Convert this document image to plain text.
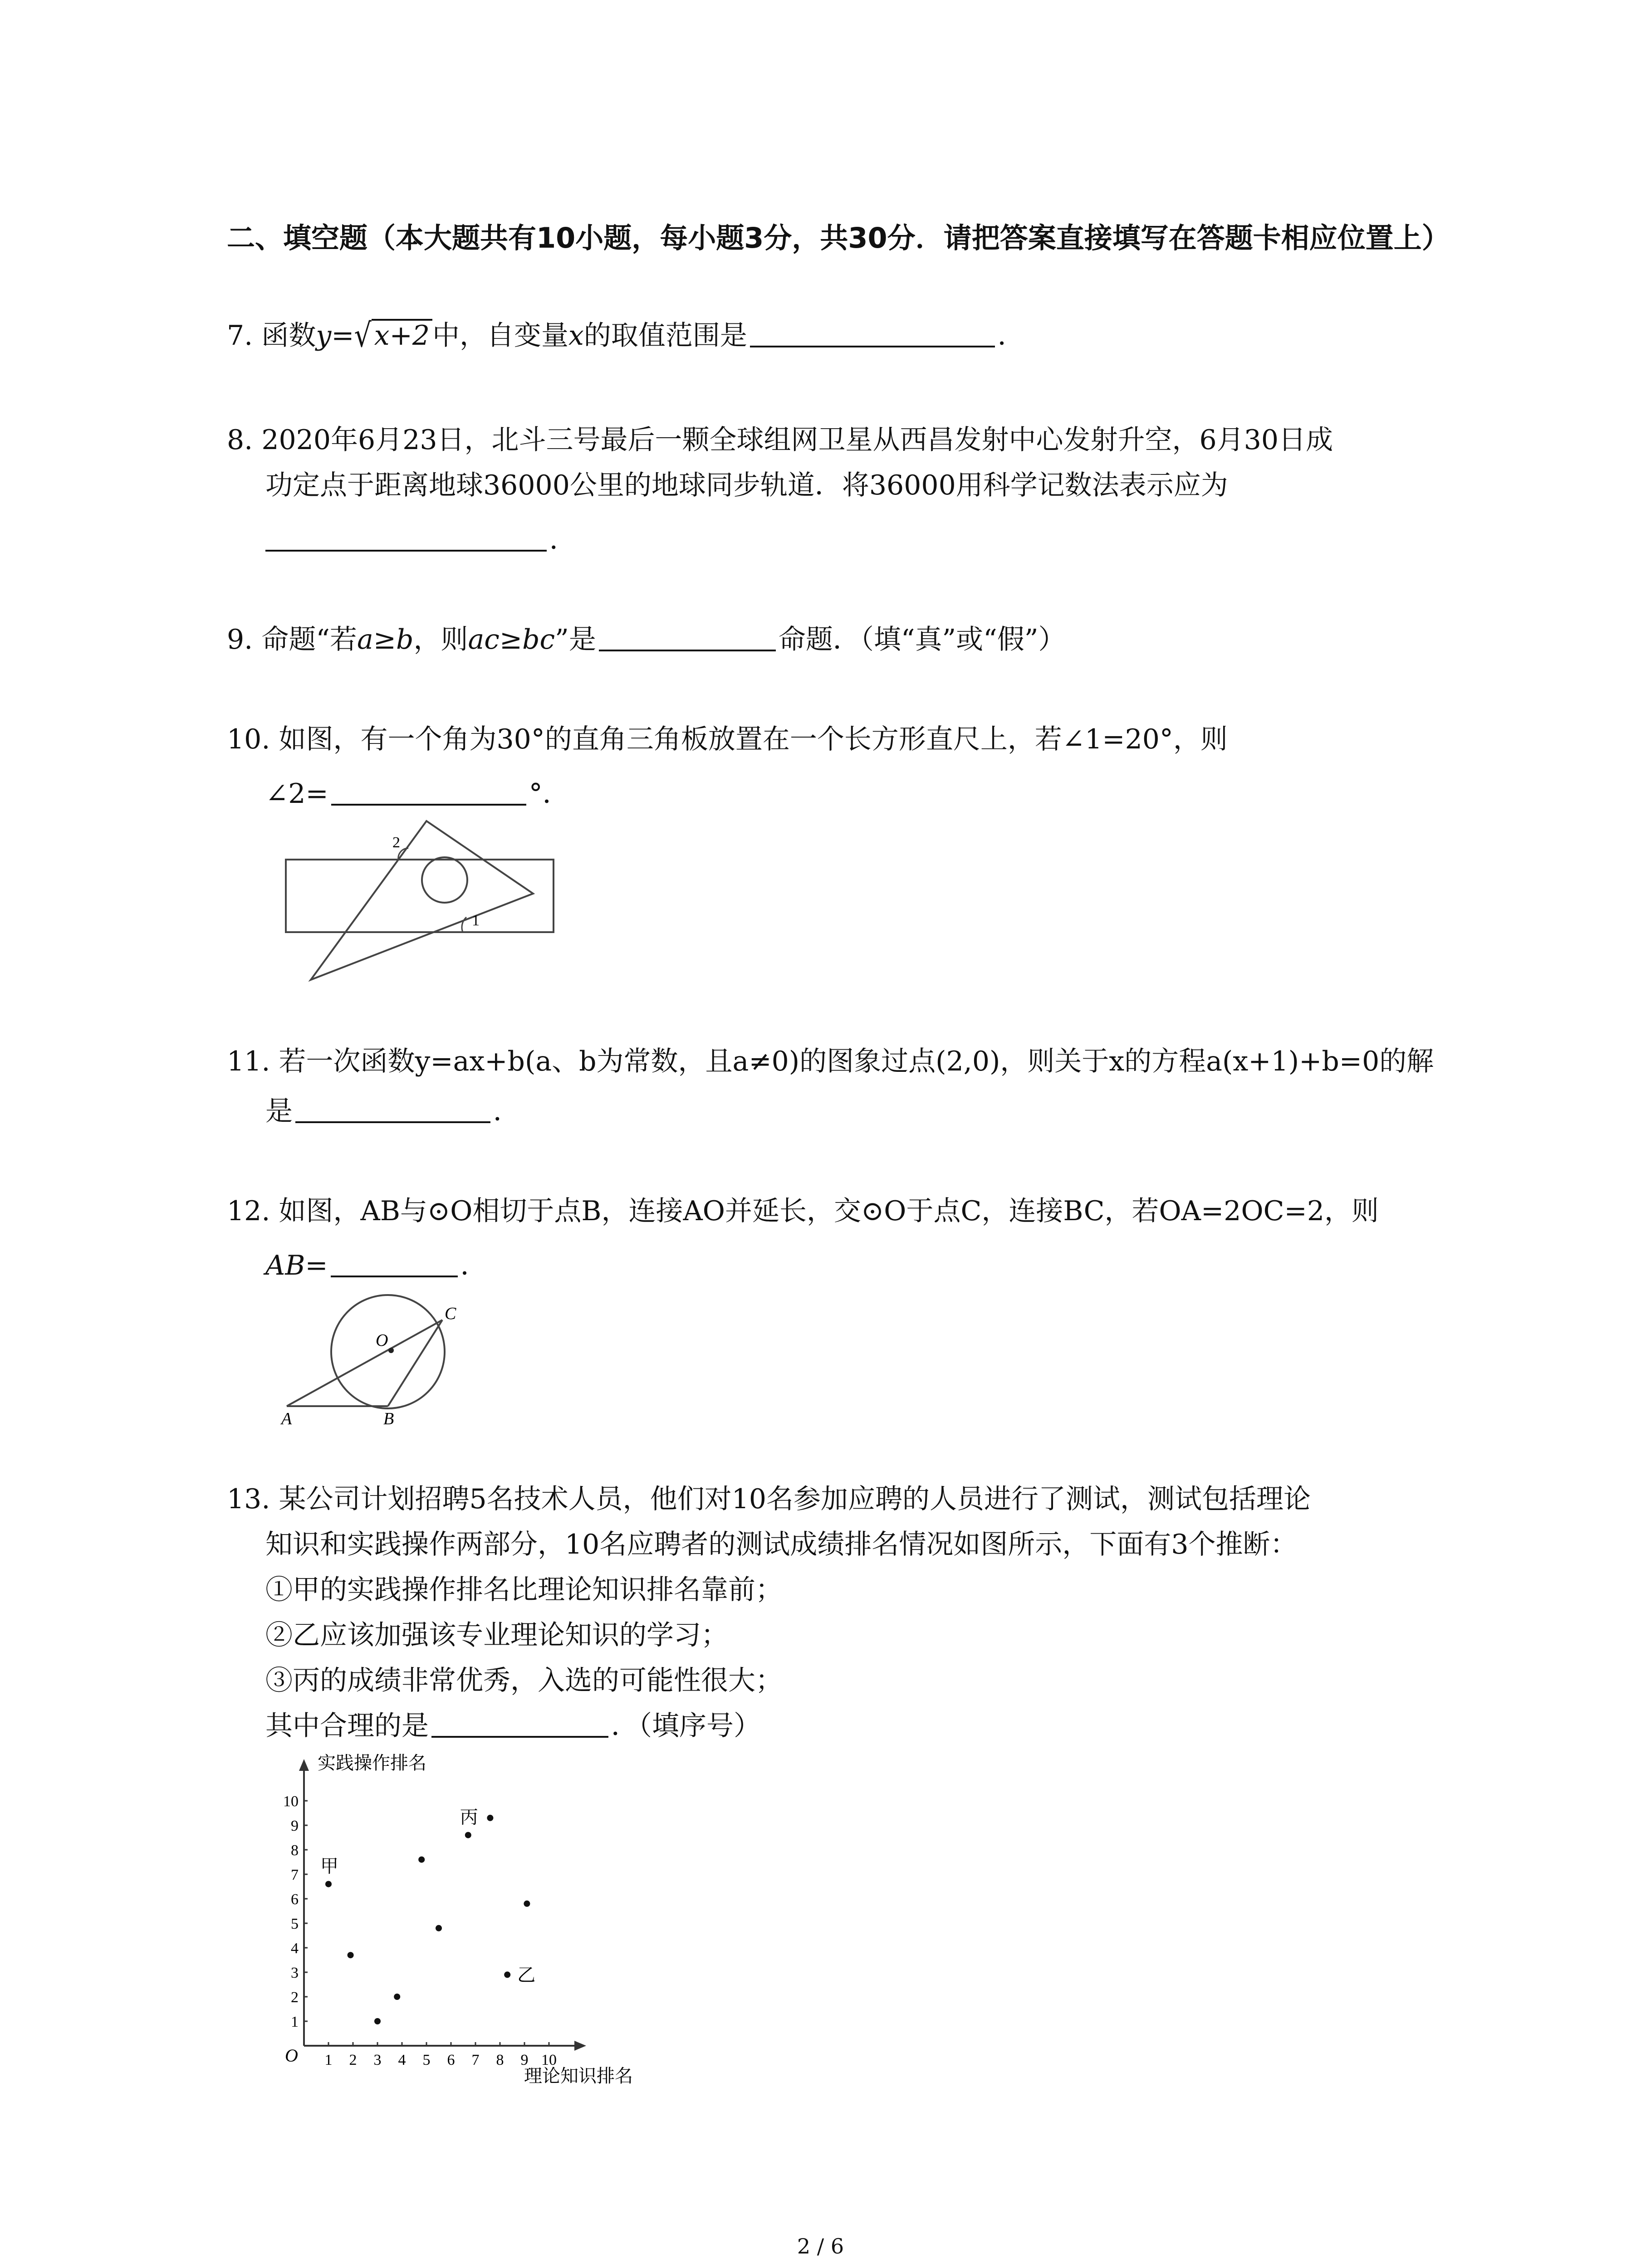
二、填空题（本大题共有10小题，每小题3分，共30分．请把答案直接填写在答题卡相应位置上）
7. 函数y=√ x+2 中，自变量x的取值范围是	．
8. 2020年6月23日，北斗三号最后一颗全球组网卫星从西昌发射中心发射升空，6月30日成
功定点于距离地球36000公里的地球同步轨道．将36000用科学记数法表示应为
．
9. 命题“若a≥b，则ac≥bc”是	命题．（填“真”或“假”）
10. 如图，有一个角为30°的直角三角板放置在一个长方形直尺上，若∠1=20°，则
∠2=	°．
2
1
11. 若一次函数y=ax+b(a、b为常数，且a≠0)的图象过点(2,0)，则关于x的方程a(x+1)+b=0的解
是	．
12. 如图，AB与⊙O相切于点B，连接AO并延长，交⊙O于点C，连接BC，若OA=2OC=2，则
AB=	．
O
A	B
C
13. 某公司计划招聘5名技术人员，他们对10名参加应聘的人员进行了测试，测试包括理论
知识和实践操作两部分，10名应聘者的测试成绩排名情况如图所示，下面有3个推断：
①甲的实践操作排名比理论知识排名靠前；
②乙应该加强该专业理论知识的学习；
③丙的成绩非常优秀，入选的可能性很大；
其中合理的是	．（填序号）
1 2 3 4 5 6 7 8 9 10
1
2
3
4
5
6
7
8
9
10
甲
丙
乙
实践操作排名
理论知识排名
O
2 / 6
